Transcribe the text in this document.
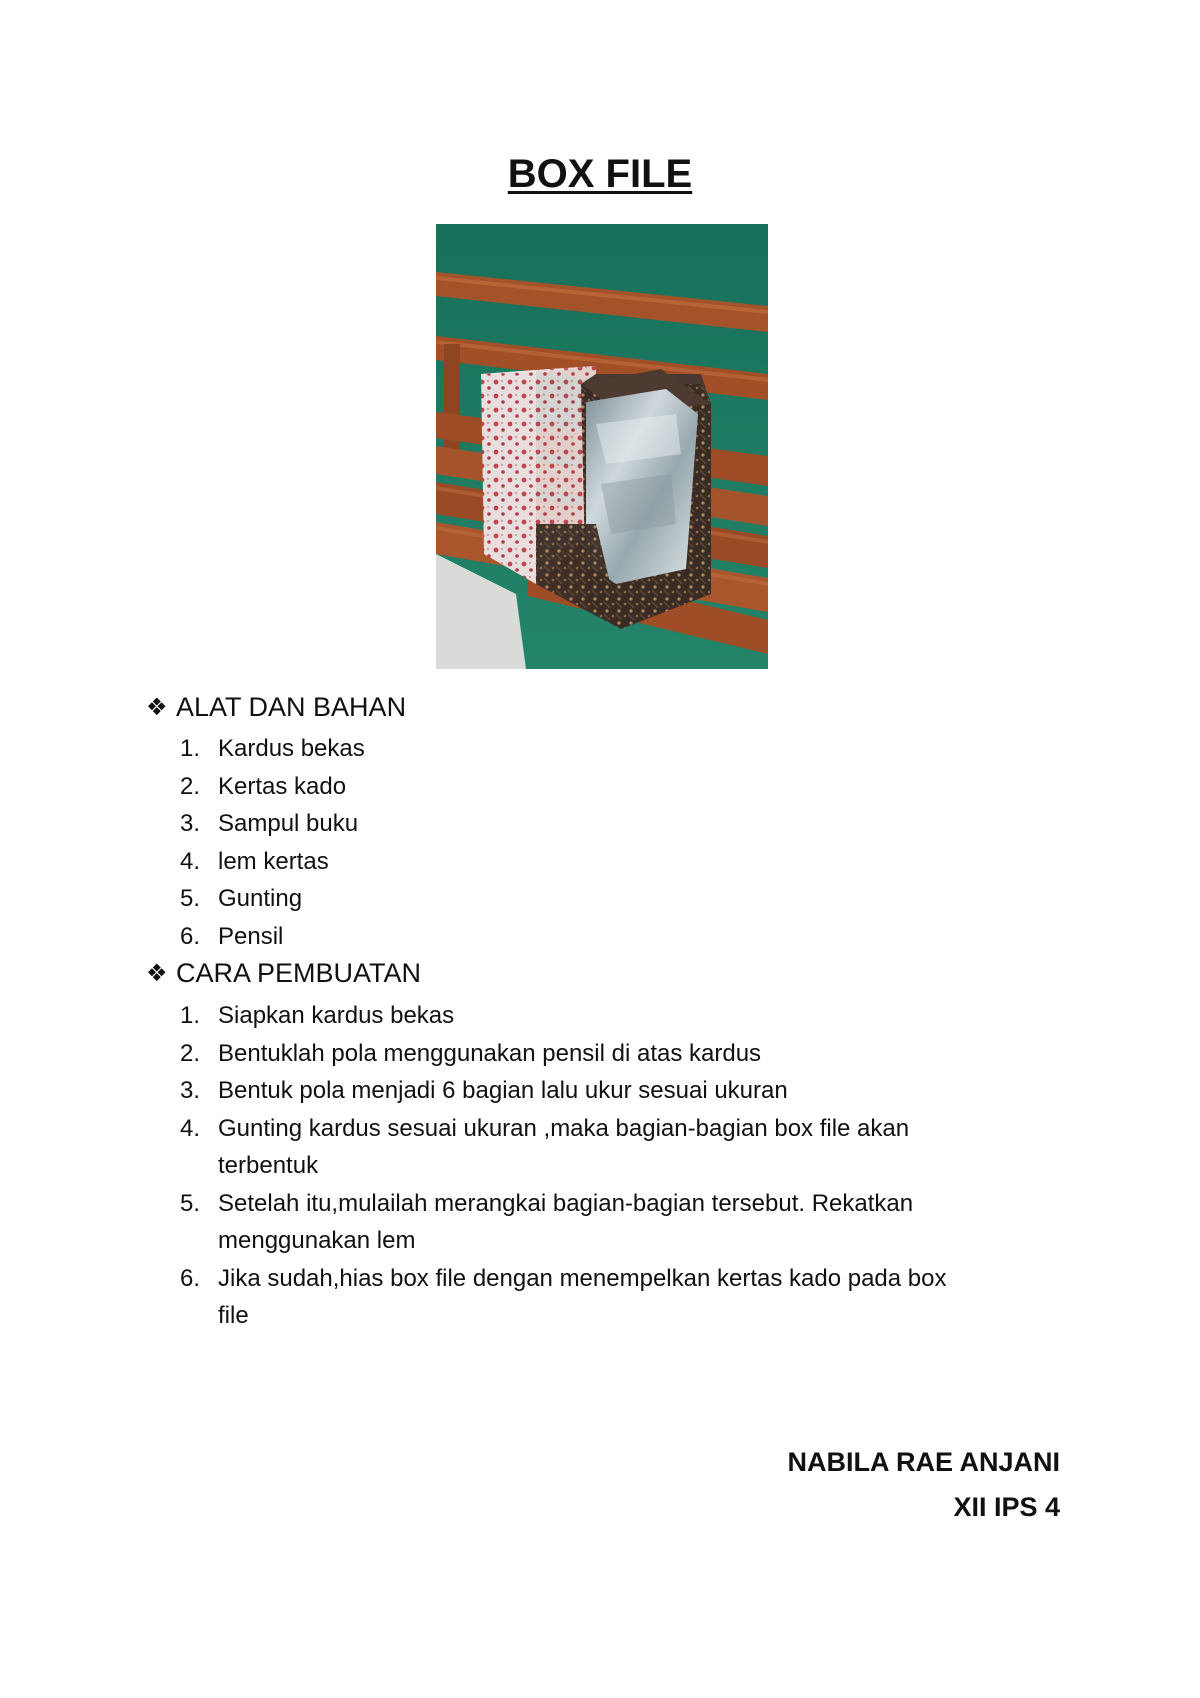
BOX FILE
❖ ALAT DAN BAHAN
1. Kardus bekas
2. Kertas kado
3. Sampul buku
4. lem kertas
5. Gunting
6. Pensil
❖ CARA PEMBUATAN
1. Siapkan kardus bekas
2. Bentuklah pola menggunakan pensil di atas kardus
3. Bentuk pola menjadi 6 bagian lalu ukur sesuai ukuran
4. Gunting kardus sesuai ukuran ,maka bagian-bagian box file akan terbentuk
5. Setelah itu,mulailah merangkai bagian-bagian tersebut. Rekatkan menggunakan lem
6. Jika sudah,hias box file dengan menempelkan kertas kado pada box file
NABILA RAE ANJANI
XII IPS 4
